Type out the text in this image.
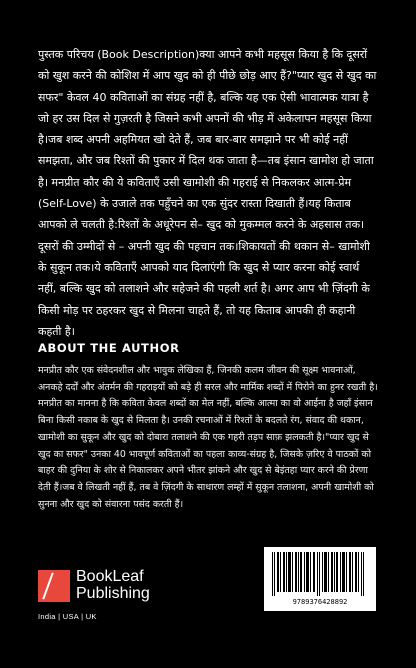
पुस्तक परिचय (Book Description)क्या आपने कभी महसूस किया है कि दूसरों को खुश करने की कोशिश में आप खुद को ही पीछे छोड़ आए हैं?"प्यार खुद से खुद का सफर" केवल 40 कविताओं का संग्रह नहीं है, बल्कि यह एक ऐसी भावात्मक यात्रा है जो हर उस दिल से गुज़रती है जिसने कभी अपनों की भीड़ में अकेलापन महसूस किया है।जब शब्द अपनी अहमियत खो देते हैं, जब बार-बार समझाने पर भी कोई नहीं समझता, और जब रिश्तों की पुकार में दिल थक जाता है—तब इंसान खामोश हो जाता है। मनप्रीत कौर की ये कविताएँ उसी खामोशी की गहराई से निकलकर आत्म-प्रेम (Self-Love) के उजाले तक पहुँचने का एक सुंदर रास्ता दिखाती हैं।यह किताब आपको ले चलती है:रिश्तों के अधूरेपन से– खुद को मुकम्मल करने के अहसास तक।दूसरों की उम्मीदों से – अपनी खुद की पहचान तक।शिकायतों की थकान से– खामोशी के सुकून तक।ये कविताएँ आपको याद दिलाएंगी कि खुद से प्यार करना कोई स्वार्थ नहीं, बल्कि खुद को तलाशने और सहेजने की पहली शर्त है। अगर आप भी ज़िंदगी के किसी मोड़ पर ठहरकर खुद से मिलना चाहते हैं, तो यह किताब आपकी ही कहानी कहती है।

ABOUT THE AUTHOR

मनप्रीत कौर एक संवेदनशील और भावुक लेखिका हैं, जिनकी कलम जीवन की सूक्ष्म भावनाओं, अनकहे दर्दों और अंतर्मन की गहराइयों को बड़े ही सरल और मार्मिक शब्दों में पिरोने का हुनर रखती है।मनप्रीत का मानना है कि कविता केवल शब्दों का मेल नहीं, बल्कि आत्मा का वो आईना है जहाँ इंसान बिना किसी नकाब के खुद से मिलता है। उनकी रचनाओं में रिश्तों के बदलते रंग, संवाद की थकान, खामोशी का सुकून और खुद को दोबारा तलाशने की एक गहरी तड़प साफ़ झलकती है।"प्यार खुद से खुद का सफर" उनका 40 भावपूर्ण कविताओं का पहला काव्य-संग्रह है, जिसके ज़रिए वे पाठकों को बाहर की दुनिया के शोर से निकालकर अपने भीतर झांकने और खुद से बेइंतहा प्यार करने की प्रेरणा देती हैं।जब वे लिखती नहीं हैं, तब वे ज़िंदगी के साधारण लम्हों में सुकून तलाशना, अपनी खामोशी को सुनना और खुद को संवारना पसंद करती हैं।

BookLeaf

Publishing

India | USA | UK

9789376428892
